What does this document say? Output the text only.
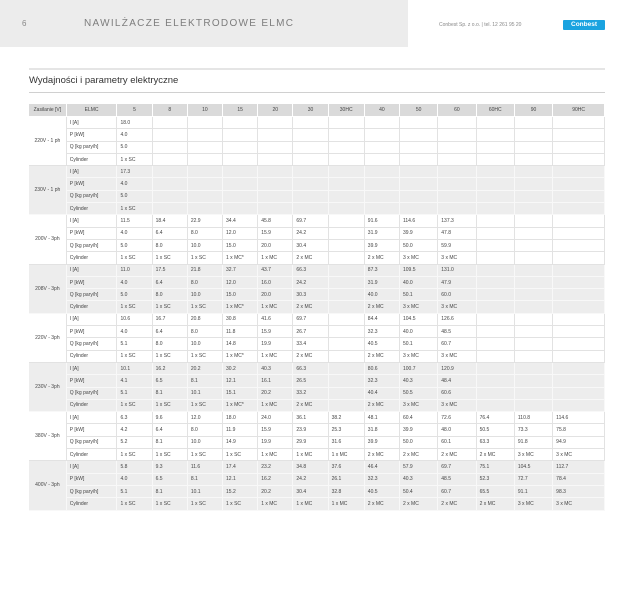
6	NAWILŻACZE ELEKTRODOWE ELMC	Conbest Sp. z o.o. | tel. 12 261 95 20	Conbest
Wydajności i parametry elektryczne
Zasilanie [V]	ELMC	5	8	10	15	20	30	30HC	40	50	60	60HC	90	90HC
220V - 1 ph	I [A]	18.0												
	P [kW]	4.0												
	Q [kg pary/h]	5.0												
	Cylinder	1 x SC												
230V - 1 ph	I [A]	17.3												
	P [kW]	4.0												
	Q [kg pary/h]	5.0												
	Cylinder	1 x SC												
200V - 3ph	I [A]	11.5	18.4	22.9	34.4	45.8	69.7		91.6	114.6	137.3			
	P [kW]	4.0	6.4	8.0	12.0	15.9	24.2		31.9	39.9	47.8			
	Q [kg pary/h]	5.0	8.0	10.0	15.0	20.0	30.4		39.9	50.0	59.9			
	Cylinder	1 x SC	1 x SC	1 x SC	1 x MC*	1 x MC	2 x MC		2 x MC	3 x MC	3 x MC			
208V - 3ph	I [A]	11.0	17.5	21.8	32.7	43.7	66.3		87.3	109.5	131.0			
	P [kW]	4.0	6.4	8.0	12.0	16.0	24.2		31.9	40.0	47.9			
	Q [kg pary/h]	5.0	8.0	10.0	15.0	20.0	30.3		40.0	50.1	60.0			
	Cylinder	1 x SC	1 x SC	1 x SC	1 x MC*	1 x MC	2 x MC		2 x MC	3 x MC	3 x MC			
220V - 3ph	I [A]	10.6	16.7	20.8	30.8	41.6	69.7		84.4	104.5	126.6			
	P [kW]	4.0	6.4	8.0	11.8	15.9	26.7		32.3	40.0	48.5			
	Q [kg pary/h]	5.1	8.0	10.0	14.8	19.9	33.4		40.5	50.1	60.7			
	Cylinder	1 x SC	1 x SC	1 x SC	1 x MC*	1 x MC	2 x MC		2 x MC	3 x MC	3 x MC			
230V - 3ph	I [A]	10.1	16.2	20.2	30.2	40.3	66.3		80.6	100.7	120.9			
	P [kW]	4.1	6.5	8.1	12.1	16.1	26.5		32.3	40.3	48.4			
	Q [kg pary/h]	5.1	8.1	10.1	15.1	20.2	33.2		40.4	50.5	60.6			
	Cylinder	1 x SC	1 x SC	1 x SC	1 x MC*	1 x MC	2 x MC		2 x MC	3 x MC	3 x MC			
380V - 3ph	I [A]	6.3	9.6	12.0	18.0	24.0	36.1	38.2	48.1	60.4	72.6	76.4	110.8	114.6
	P [kW]	4.2	6.4	8.0	11.9	15.9	23.9	25.3	31.8	39.9	48.0	50.5	73.3	75.8
	Q [kg pary/h]	5.2	8.1	10.0	14.9	19.9	29.9	31.6	39.9	50.0	60.1	63.3	91.8	94.9
	Cylinder	1 x SC	1 x SC	1 x SC	1 x SC	1 x MC	1 x MC	1 x MC	2 x MC	2 x MC	2 x MC	2 x MC	3 x MC	3 x MC
400V - 3ph	I [A]	5.8	9.3	11.6	17.4	23.2	34.8	37.6	46.4	57.9	69.7	75.1	104.5	112.7
	P [kW]	4.0	6.5	8.1	12.1	16.2	24.2	26.1	32.3	40.3	48.5	52.3	72.7	78.4
	Q [kg pary/h]	5.1	8.1	10.1	15.2	20.2	30.4	32.8	40.5	50.4	60.7	65.5	91.1	98.3
	Cylinder	1 x SC	1 x SC	1 x SC	1 x SC	1 x MC	1 x MC	1 x MC	2 x MC	2 x MC	2 x MC	2 x MC	3 x MC	3 x MC
